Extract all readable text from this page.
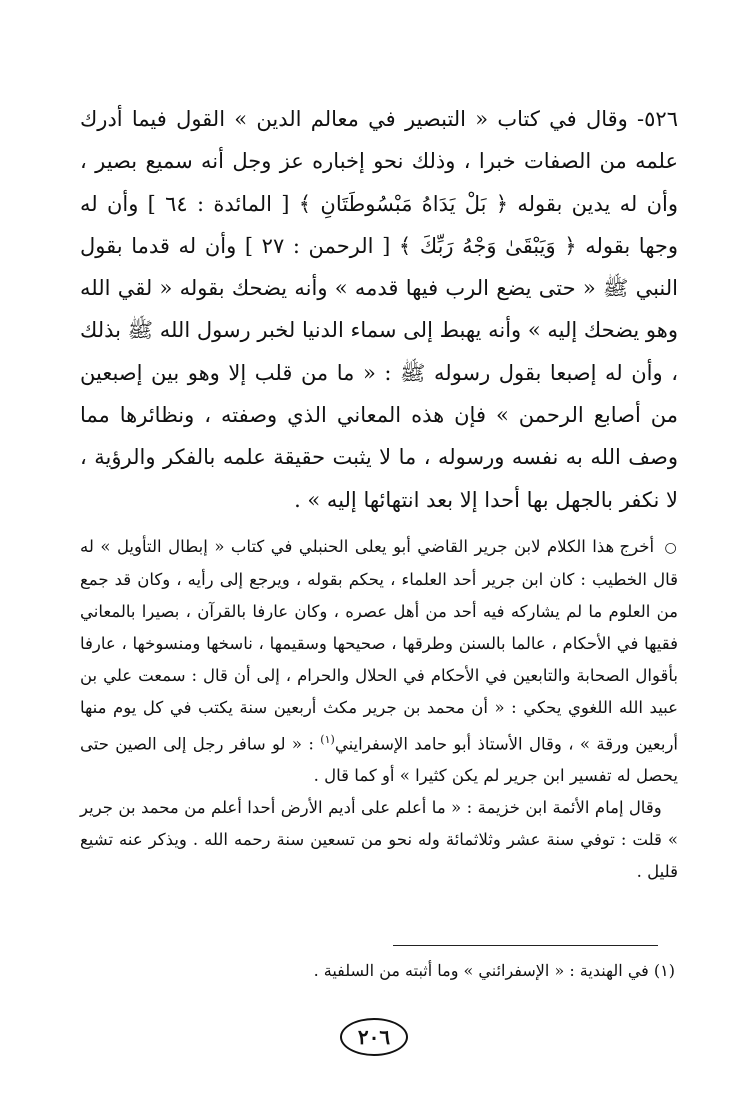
٥٢٦- وقال في كتاب « التبصير في معالم الدين » القول فيما أدرك علمه من الصفات خبرا ، وذلك نحو إخباره عز وجل أنه سميع بصير ، وأن له يدين بقوله ﴿ بَلْ يَدَاهُ مَبْسُوطَتَانِ ﴾ [ المائدة : ٦٤ ] وأن له وجها بقوله ﴿ وَيَبْقَىٰ وَجْهُ رَبِّكَ ﴾ [ الرحمن : ٢٧ ] وأن له قدما بقول النبي ﷺ « حتى يضع الرب فيها قدمه » وأنه يضحك بقوله « لقي الله وهو يضحك إليه » وأنه يهبط إلى سماء الدنيا لخبر رسول الله ﷺ بذلك ، وأن له إصبعا بقول رسوله ﷺ : « ما من قلب إلا وهو بين إصبعين من أصابع الرحمن » فإن هذه المعاني الذي وصفته ، ونظائرها مما وصف الله به نفسه ورسوله ، ما لا يثبت حقيقة علمه بالفكر والرؤية ، لا نكفر بالجهل بها أحدا إلا بعد انتهائها إليه » .

○ أخرج هذا الكلام لابن جرير القاضي أبو يعلى الحنبلي في كتاب « إبطال التأويل » له قال الخطيب : كان ابن جرير أحد العلماء ، يحكم بقوله ، ويرجع إلى رأيه ، وكان قد جمع من العلوم ما لم يشاركه فيه أحد من أهل عصره ، وكان عارفا بالقرآن ، بصيرا بالمعاني فقيها في الأحكام ، عالما بالسنن وطرقها ، صحيحها وسقيمها ، ناسخها ومنسوخها ، عارفا بأقوال الصحابة والتابعين في الأحكام في الحلال والحرام ، إلى أن قال : سمعت علي بن عبيد الله اللغوي يحكي : « أن محمد بن جرير مكث أربعين سنة يكتب في كل يوم منها أربعين ورقة » ، وقال الأستاذ أبو حامد الإسفرايني$^{(١)}$ : « لو سافر رجل إلى الصين حتى يحصل له تفسير ابن جرير لم يكن كثيرا » أو كما قال .

وقال إمام الأئمة ابن خزيمة : « ما أعلم على أديم الأرض أحدا أعلم من محمد بن جرير » قلت : توفي سنة عشر وثلاثمائة وله نحو من تسعين سنة رحمه الله . ويذكر عنه تشيع قليل .

(١) في الهندية : « الإسفرائني » وما أثبته من السلفية .

٢٠٦
